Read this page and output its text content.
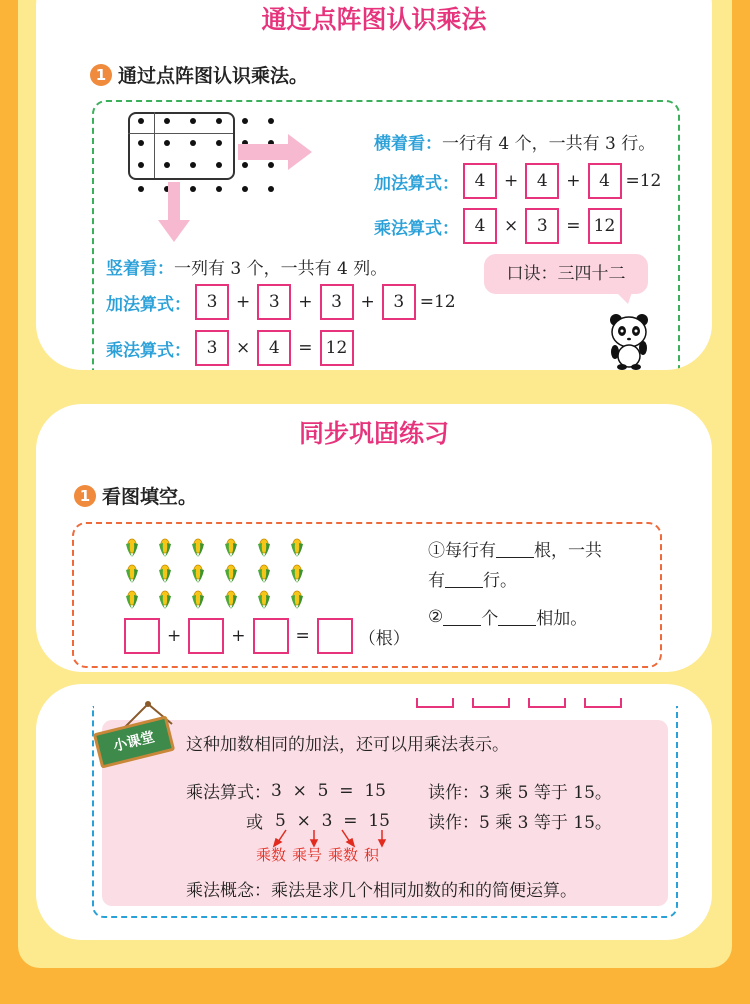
通过点阵图认识乘法
1 通过点阵图认识乘法。
横着看： 一行有 4 个，一共有 3 行。
加法算式： 4	+	4	+	4 =12
乘法算式： 4	×	3	= 12
竖着看： 一列有 3 个，一共有 4 列。
加法算式： 3	+	3	+	3	+	3 =12
乘法算式： 3	×	4	= 12
口诀：三四十二
同步巩固练习
1 看图填空。
+	+	=	（根）
①每行有 根，一共
有 行。
② 个 相加。
小课堂	这种加数相同的加法，还可以用乘法表示。
乘法算式： 3  ×  5  =  15 读作：3 乘 5 等于 15。
或 5  ×  3  =  15 读作：5 乘 3 等于 15。
乘数 乘号 乘数 积
乘法概念：乘法是求几个相同加数的和的简便运算。
